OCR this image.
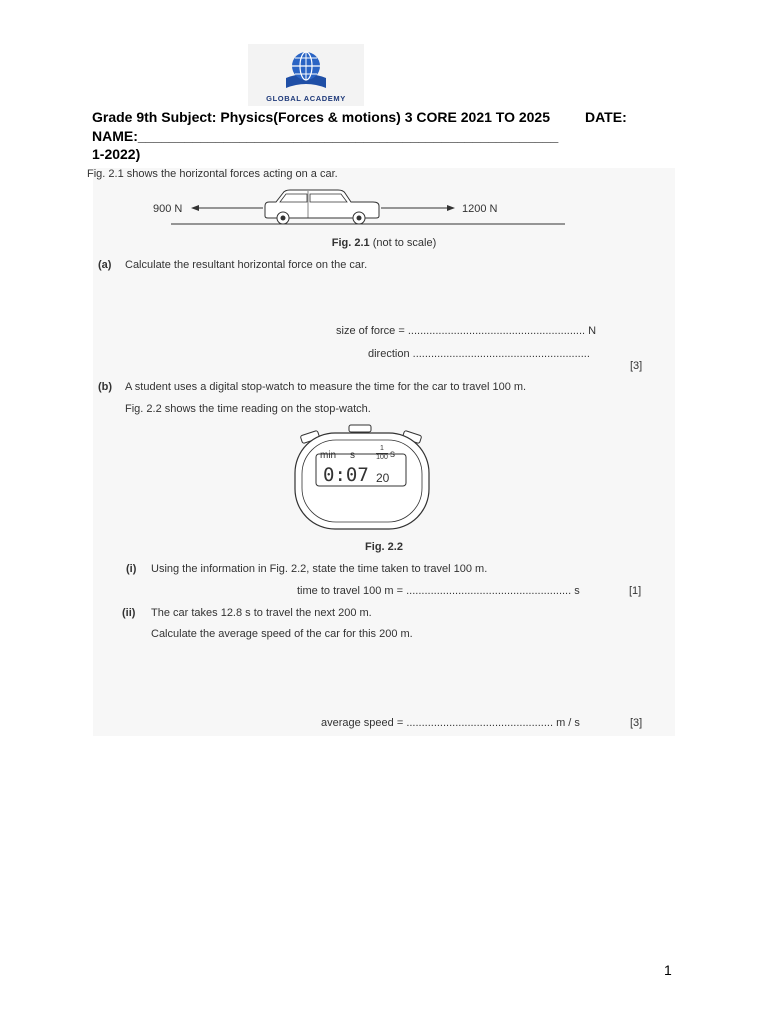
GLOBAL ACADEMY
Grade 9th Subject: Physics(Forces & motions) 3 CORE 2021 TO 2025	DATE:
NAME:______________________________________________________
1-2022)
Fig. 2.1 shows the horizontal forces acting on a car.
900 N	1200 N
Fig. 2.1 (not to scale)
(a) Calculate the resultant horizontal force on the car.
size of force = .......................................................... N
direction ..........................................................
[3]
(b) A student uses a digital stop-watch to measure the time for the car to travel 100 m.
Fig. 2.2 shows the time reading on the stop-watch.
min s
1
100 s
0:07 20
Fig. 2.2
(i) Using the information in Fig. 2.2, state the time taken to travel 100 m.
time to travel 100 m = ...................................................... s	[1]
(ii) The car takes 12.8 s to travel the next 200 m.
Calculate the average speed of the car for this 200 m.
average speed = ................................................ m / s	[3]
1
